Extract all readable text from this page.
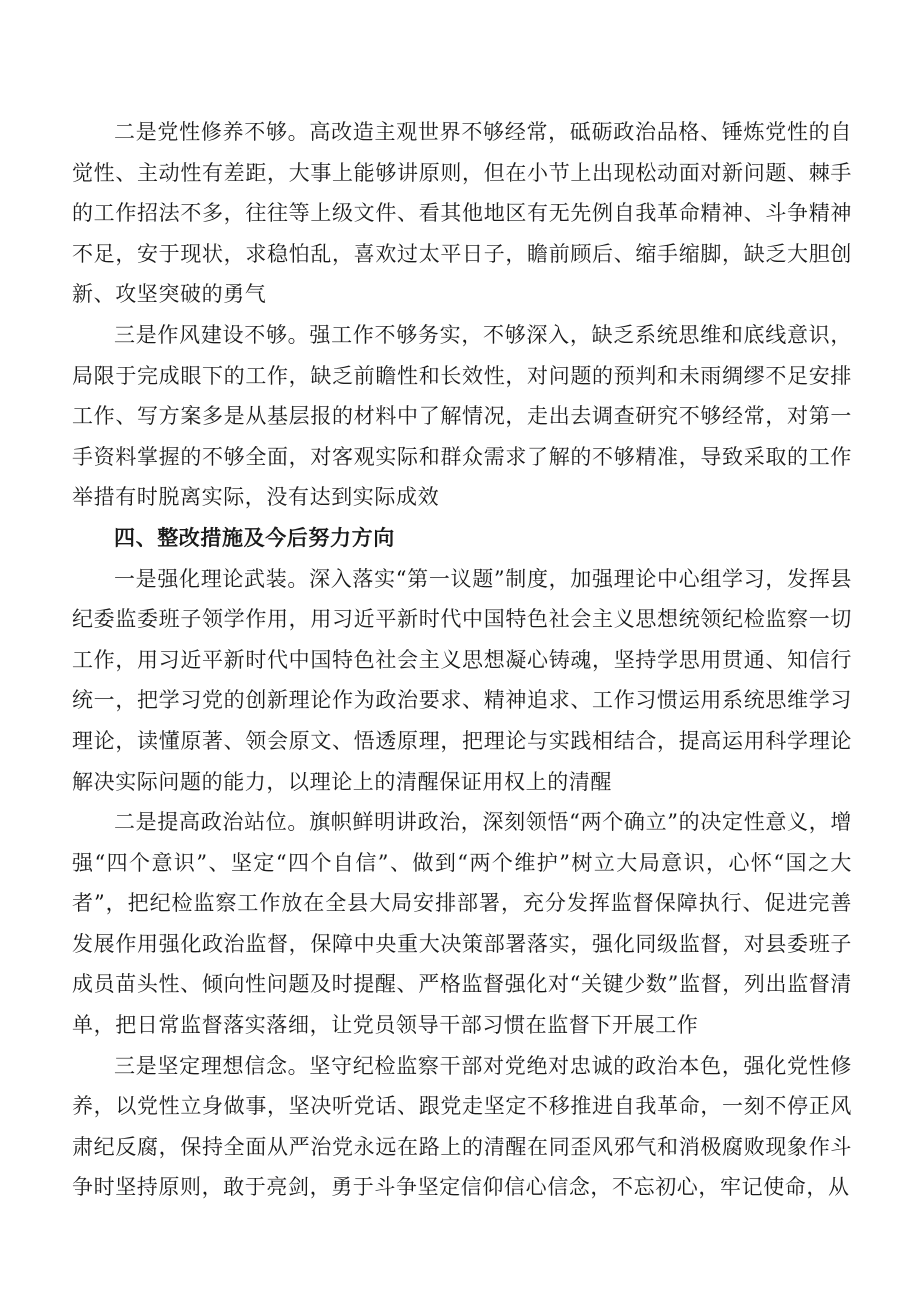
二是党性修养不够。高改造主观世界不够经常，砥砺政治品格、锤炼党性的自觉性、主动性有差距，大事上能够讲原则，但在小节上出现松动面对新问题、棘手的工作招法不多，往往等上级文件、看其他地区有无先例自我革命精神、斗争精神不足，安于现状，求稳怕乱，喜欢过太平日子，瞻前顾后、缩手缩脚，缺乏大胆创新、攻坚突破的勇气

三是作风建设不够。强工作不够务实，不够深入，缺乏系统思维和底线意识，局限于完成眼下的工作，缺乏前瞻性和长效性，对问题的预判和未雨绸缪不足安排工作、写方案多是从基层报的材料中了解情况，走出去调查研究不够经常，对第一手资料掌握的不够全面，对客观实际和群众需求了解的不够精准，导致采取的工作举措有时脱离实际，没有达到实际成效

四、整改措施及今后努力方向

一是强化理论武装。深入落实“第一议题”制度，加强理论中心组学习，发挥县纪委监委班子领学作用，用习近平新时代中国特色社会主义思想统领纪检监察一切工作，用习近平新时代中国特色社会主义思想凝心铸魂，坚持学思用贯通、知信行统一，把学习党的创新理论作为政治要求、精神追求、工作习惯运用系统思维学习理论，读懂原著、领会原文、悟透原理，把理论与实践相结合，提高运用科学理论解决实际问题的能力，以理论上的清醒保证用权上的清醒

二是提高政治站位。旗帜鲜明讲政治，深刻领悟“两个确立”的决定性意义，增强“四个意识”、坚定“四个自信”、做到“两个维护”树立大局意识，心怀“国之大者”，把纪检监察工作放在全县大局安排部署，充分发挥监督保障执行、促进完善发展作用强化政治监督，保障中央重大决策部署落实，强化同级监督，对县委班子成员苗头性、倾向性问题及时提醒、严格监督强化对“关键少数”监督，列出监督清单，把日常监督落实落细，让党员领导干部习惯在监督下开展工作

三是坚定理想信念。坚守纪检监察干部对党绝对忠诚的政治本色，强化党性修养，以党性立身做事，坚决听党话、跟党走坚定不移推进自我革命，一刻不停正风肃纪反腐，保持全面从严治党永远在路上的清醒在同歪风邪气和消极腐败现象作斗争时坚持原则，敢于亮剑，勇于斗争坚定信仰信心信念，不忘初心，牢记使命，从
